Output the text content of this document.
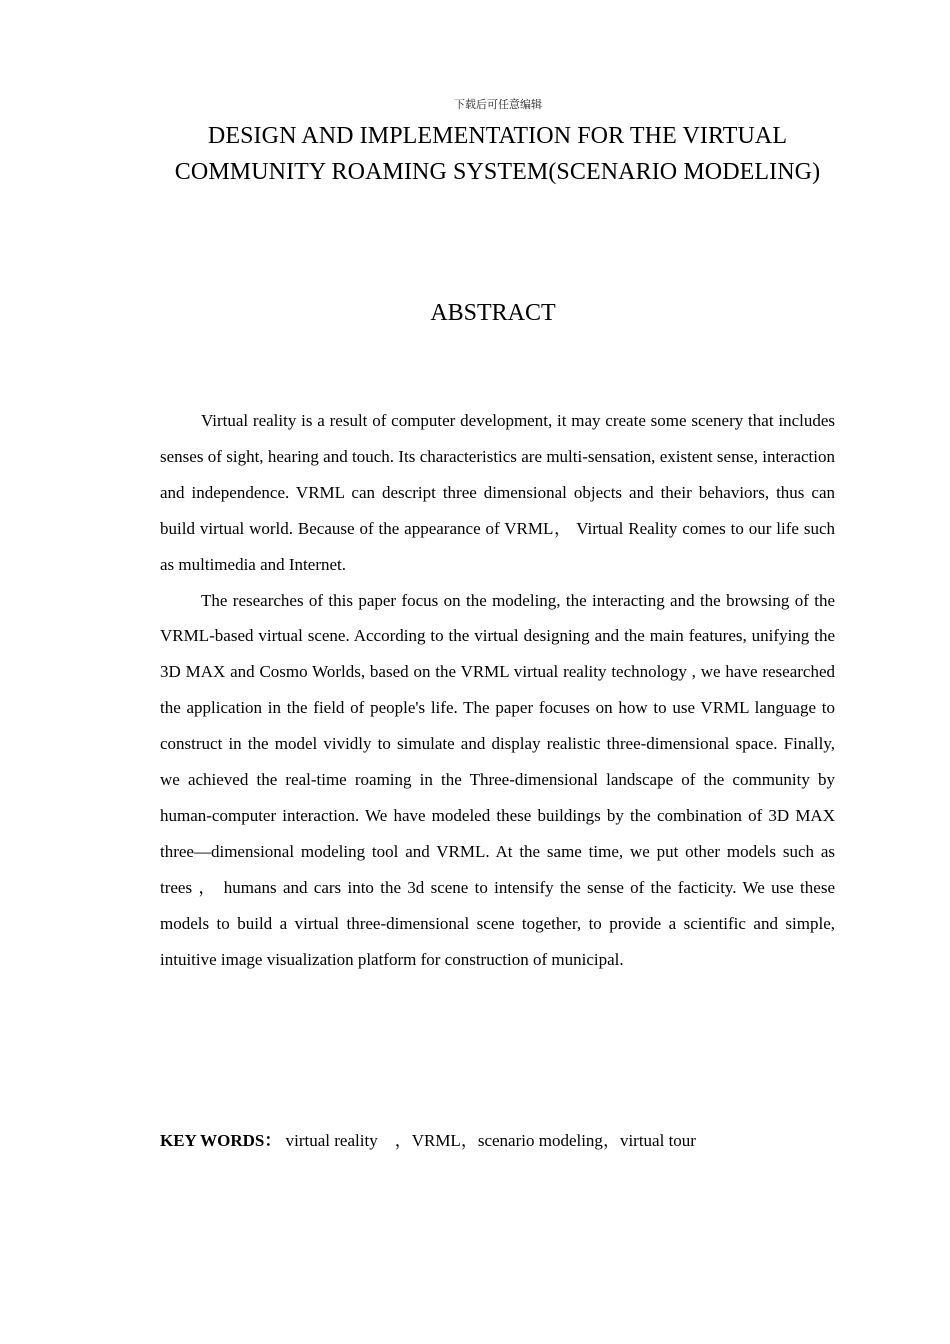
下载后可任意编辑
DESIGN AND IMPLEMENTATION FOR THE VIRTUAL COMMUNITY ROAMING SYSTEM(SCENARIO MODELING)
ABSTRACT

Virtual reality is a result of computer development, it may create some scenery that includes senses of sight, hearing and touch. Its characteristics are multi-sensation, existent sense, interaction and independence. VRML can descript three dimensional objects and their behaviors, thus can build virtual world. Because of the appearance of VRML， Virtual Reality comes to our life such as multimedia and Internet.

The researches of this paper focus on the modeling, the interacting and the browsing of the VRML-based virtual scene. According to the virtual designing and the main features, unifying the 3D MAX and Cosmo Worlds, based on the VRML virtual reality technology , we have researched the application in the field of people's life. The paper focuses on how to use VRML language to construct in the model vividly to simulate and display realistic three-dimensional space. Finally, we achieved the real-time roaming in the Three-dimensional landscape of the community by human-computer interaction. We have modeled these buildings by the combination of 3D MAX three—dimensional modeling tool and VRML. At the same time, we put other models such as trees ， humans and cars into the 3d scene to intensify the sense of the facticity. We use these models to build a virtual three-dimensional scene together, to provide a scientific and simple, intuitive image visualization platform for construction of municipal.

KEY WORDS： virtual reality ，VRML，scenario modeling，virtual tour
